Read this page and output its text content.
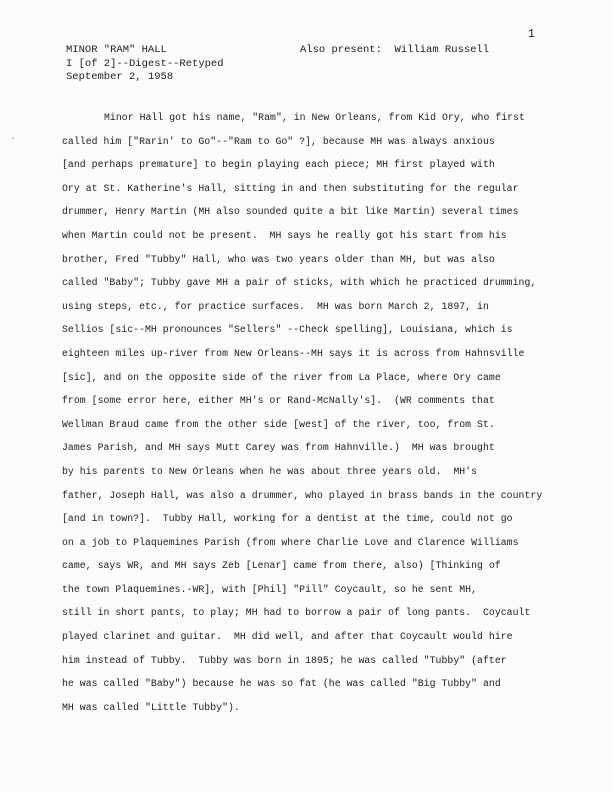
1
MINOR "RAM" HALL
I [of 2]--Digest--Retyped
September 2, 1958
Also present:  William Russell
`
Minor Hall got his name, "Ram", in New Orleans, from Kid Ory, who first
called him ["Rarin' to Go"--"Ram to Go" ?], because MH was always anxious
[and perhaps premature] to begin playing each piece; MH first played with
Ory at St. Katherine's Hall, sitting in and then substituting for the regular
drummer, Henry Martin (MH also sounded quite a bit like Martin) several times
when Martin could not be present.  MH says he really got his start from his
brother, Fred "Tubby" Hall, who was two years older than MH, but was also
called "Baby"; Tubby gave MH a pair of sticks, with which he practiced drumming,
using steps, etc., for practice surfaces.  MH was born March 2, 1897, in
Sellios [sic--MH pronounces "Sellers" --Check spelling], Louisiana, which is
eighteen miles up-river from New Orleans--MH says it is across from Hahnsville
[sic], and on the opposite side of the river from La Place, where Ory came
from [some error here, either MH's or Rand-McNally's].  (WR comments that
Wellman Braud came from the other side [west] of the river, too, from St.
James Parish, and MH says Mutt Carey was from Hahnville.)  MH was brought
by his parents to New Orleans when he was about three years old.  MH's
father, Joseph Hall, was also a drummer, who played in brass bands in the country
[and in town?].  Tubby Hall, working for a dentist at the time, could not go
on a job to Plaquemines Parish (from where Charlie Love and Clarence Williams
came, says WR, and MH says Zeb [Lenar] came from there, also) [Thinking of
the town Plaquemines.-WR], with [Phil] "Pill" Coycault, so he sent MH,
still in short pants, to play; MH had to borrow a pair of long pants.  Coycault
played clarinet and guitar.  MH did well, and after that Coycault would hire
him instead of Tubby.  Tubby was born in 1895; he was called "Tubby" (after
he was called "Baby") because he was so fat (he was called "Big Tubby" and
MH was called "Little Tubby").
